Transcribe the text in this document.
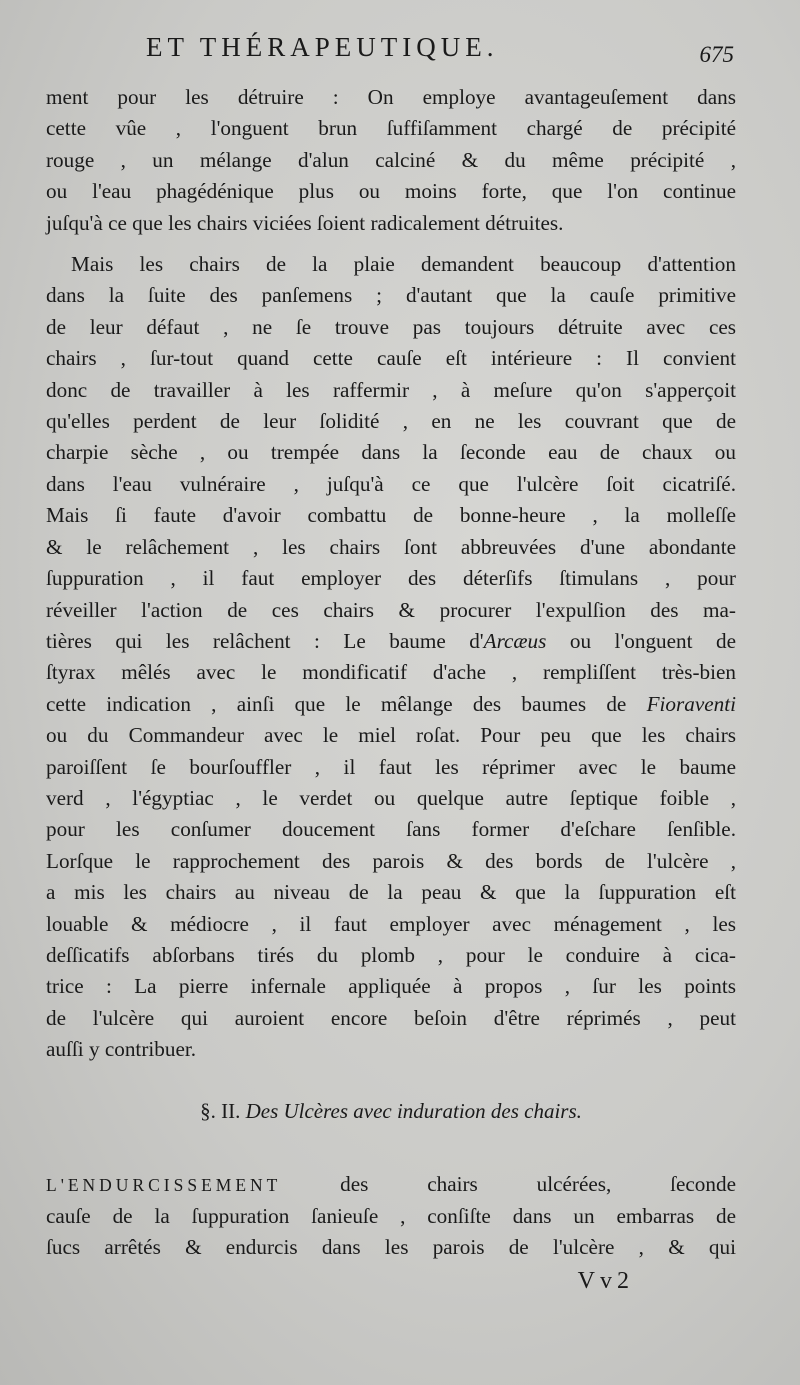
ET THÉRAPEUTIQUE.	675

ment pour les détruire : On employe avantageuſement dans
cette vûe , l'onguent brun ſuffiſamment chargé de précipité
rouge , un mélange d'alun calciné & du même précipité ,
ou l'eau phagédénique plus ou moins forte, que l'on continue
juſqu'à ce que les chairs viciées ſoient radicalement détruites.

Mais les chairs de la plaie demandent beaucoup d'attention
dans la ſuite des panſemens ; d'autant que la cauſe primitive
de leur défaut , ne ſe trouve pas toujours détruite avec ces
chairs , ſur-tout quand cette cauſe eſt intérieure : Il convient
donc de travailler à les raffermir , à meſure qu'on s'apperçoit
qu'elles perdent de leur ſolidité , en ne les couvrant que de
charpie sèche , ou trempée dans la ſeconde eau de chaux ou
dans l'eau vulnéraire , juſqu'à ce que l'ulcère ſoit cicatriſé.
Mais ſi faute d'avoir combattu de bonne-heure , la molleſſe
& le relâchement , les chairs ſont abbreuvées d'une abondante
ſuppuration , il faut employer des déterſifs ſtimulans , pour
réveiller l'action de ces chairs & procurer l'expulſion des ma-
tières qui les relâchent : Le baume d'Arcæus ou l'onguent de
ſtyrax mêlés avec le mondificatif d'ache , rempliſſent très-bien
cette indication , ainſi que le mêlange des baumes de Fioraventi
ou du Commandeur avec le miel roſat. Pour peu que les chairs
paroiſſent ſe bourſouffler , il faut les réprimer avec le baume
verd , l'égyptiac , le verdet ou quelque autre ſeptique foible ,
pour les conſumer doucement ſans former d'eſchare ſenſible.
Lorſque le rapprochement des parois & des bords de l'ulcère ,
a mis les chairs au niveau de la peau & que la ſuppuration eſt
louable & médiocre , il faut employer avec ménagement , les
deſſicatifs abſorbans tirés du plomb , pour le conduire à cica-
trice : La pierre infernale appliquée à propos , ſur les points
de l'ulcère qui auroient encore beſoin d'être réprimés , peut
auſſi y contribuer.

§. II. Des Ulcères avec induration des chairs.

L'ENDURCISSEMENT des chairs ulcérées, ſeconde
cauſe de la ſuppuration ſanieuſe , conſiſte dans un embarras de
ſucs arrêtés & endurcis dans les parois de l'ulcère , & qui

Vv2
